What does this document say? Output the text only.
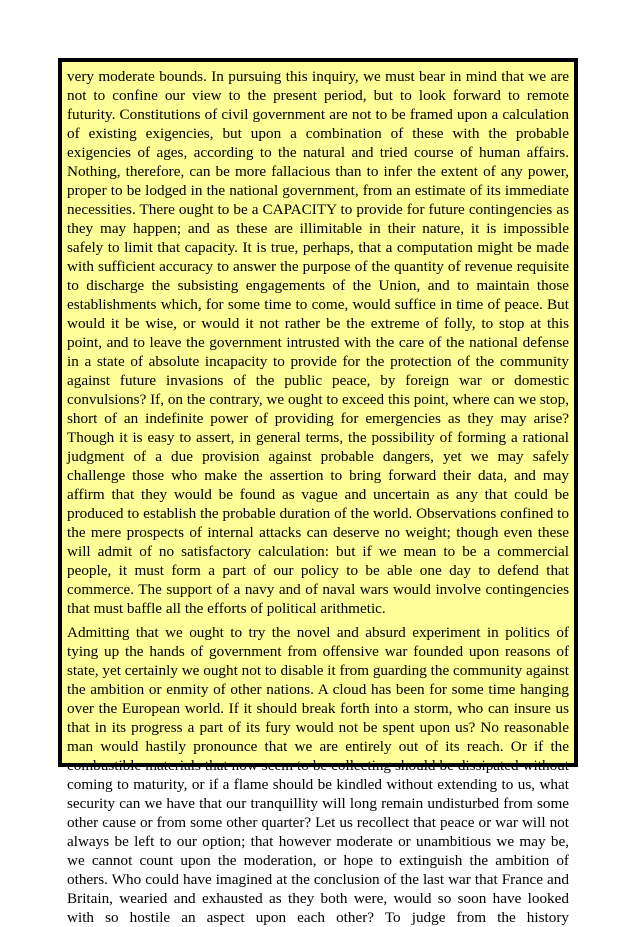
very moderate bounds. In pursuing this inquiry, we must bear in mind that we are not to confine our view to the present period, but to look forward to remote futurity. Constitutions of civil government are not to be framed upon a calculation of existing exigencies, but upon a combination of these with the probable exigencies of ages, according to the natural and tried course of human affairs. Nothing, therefore, can be more fallacious than to infer the extent of any power, proper to be lodged in the national government, from an estimate of its immediate necessities. There ought to be a CAPACITY to provide for future contingencies as they may happen; and as these are illimitable in their nature, it is impossible safely to limit that capacity. It is true, perhaps, that a computation might be made with sufficient accuracy to answer the purpose of the quantity of revenue requisite to discharge the subsisting engagements of the Union, and to maintain those establishments which, for some time to come, would suffice in time of peace. But would it be wise, or would it not rather be the extreme of folly, to stop at this point, and to leave the government intrusted with the care of the national defense in a state of absolute incapacity to provide for the protection of the community against future invasions of the public peace, by foreign war or domestic convulsions? If, on the contrary, we ought to exceed this point, where can we stop, short of an indefinite power of providing for emergencies as they may arise? Though it is easy to assert, in general terms, the possibility of forming a rational judgment of a due provision against probable dangers, yet we may safely challenge those who make the assertion to bring forward their data, and may affirm that they would be found as vague and uncertain as any that could be produced to establish the probable duration of the world. Observations confined to the mere prospects of internal attacks can deserve no weight; though even these will admit of no satisfactory calculation: but if we mean to be a commercial people, it must form a part of our policy to be able one day to defend that commerce. The support of a navy and of naval wars would involve contingencies that must baffle all the efforts of political arithmetic.

Admitting that we ought to try the novel and absurd experiment in politics of tying up the hands of government from offensive war founded upon reasons of state, yet certainly we ought not to disable it from guarding the community against the ambition or enmity of other nations. A cloud has been for some time hanging over the European world. If it should break forth into a storm, who can insure us that in its progress a part of its fury would not be spent upon us? No reasonable man would hastily pronounce that we are entirely out of its reach. Or if the combustible materials that now seem to be collecting should be dissipated without coming to maturity, or if a flame should be kindled without extending to us, what security can we have that our tranquillity will long remain undisturbed from some other cause or from some other quarter? Let us recollect that peace or war will not always be left to our option; that however moderate or unambitious we may be, we cannot count upon the moderation, or hope to extinguish the ambition of others. Who could have imagined at the conclusion of the last war that France and Britain, wearied and exhausted as they both were, would so soon have looked with so hostile an aspect upon each other? To judge from the history
